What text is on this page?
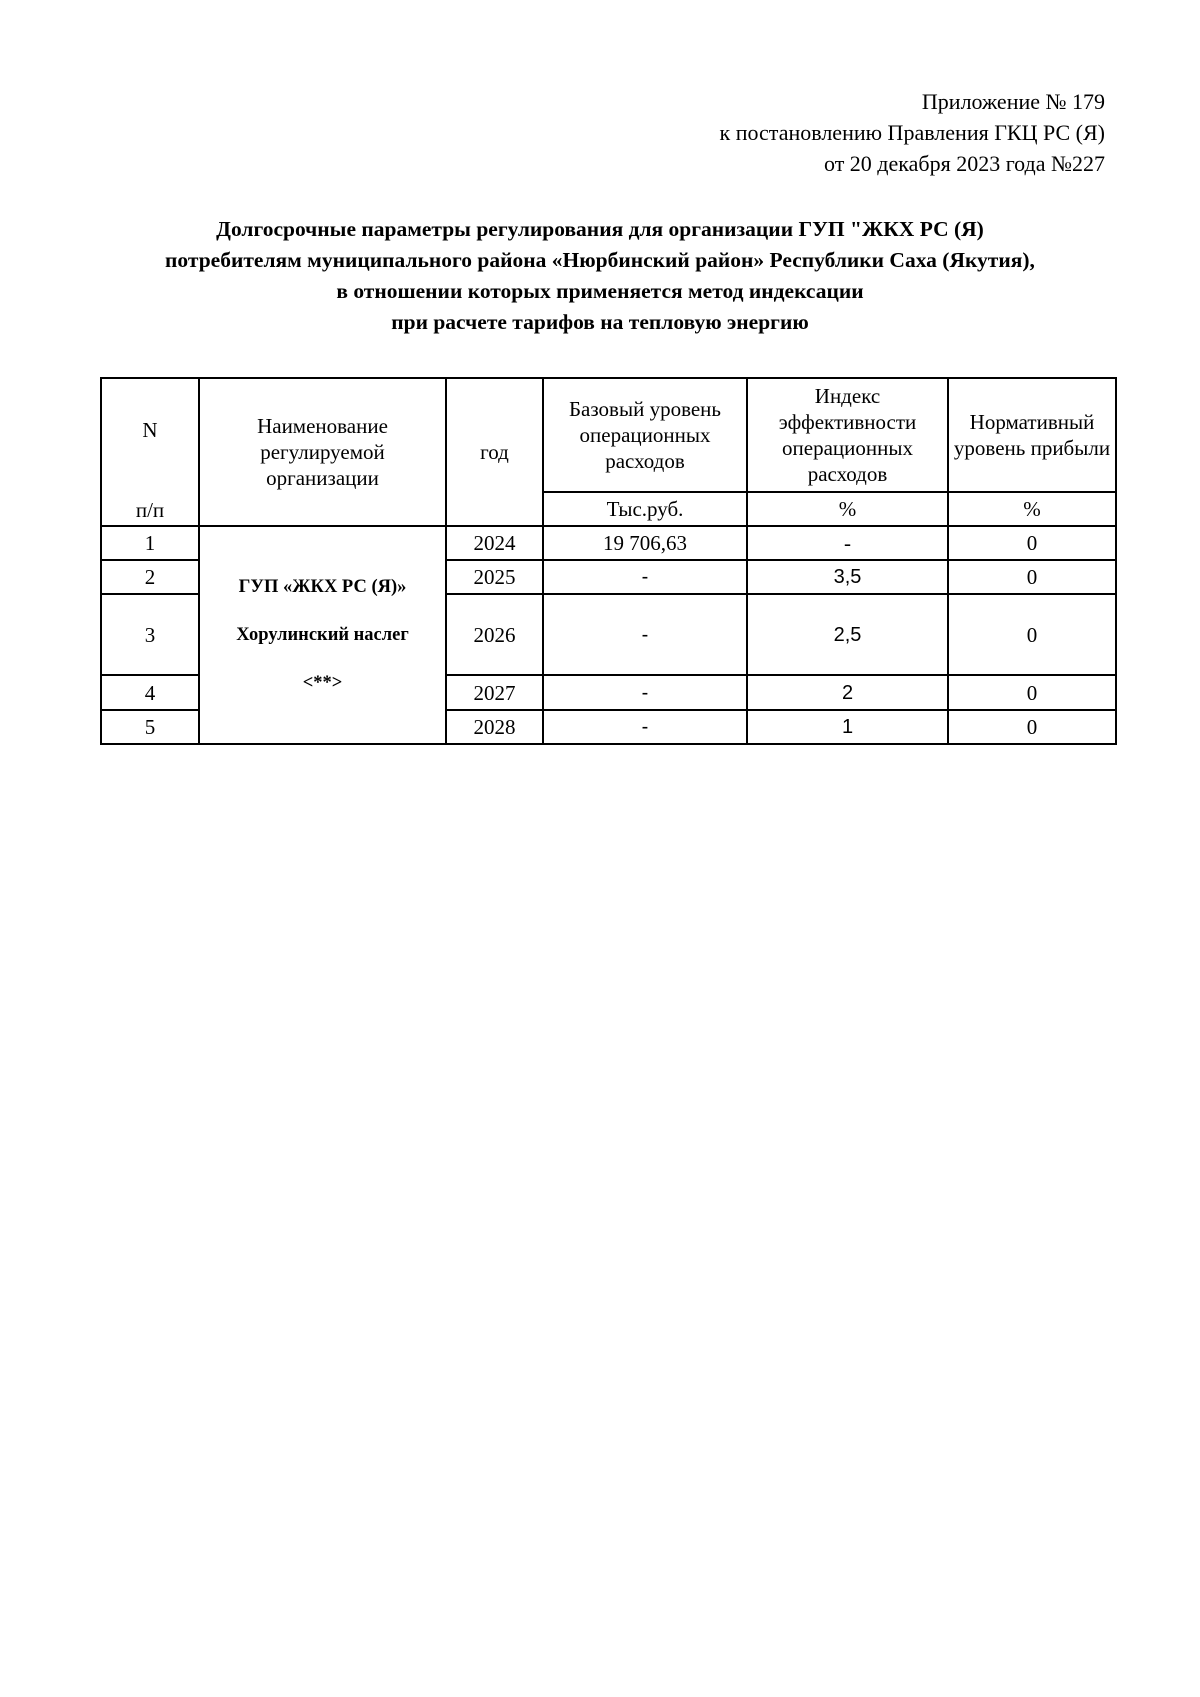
Приложение № 179
к постановлению Правления ГКЦ РС (Я)
от 20 декабря 2023 года №227
Долгосрочные параметры регулирования для организации ГУП "ЖКХ РС (Я)
потребителям муниципального района «Нюрбинский район» Республики Саха (Якутия),
в отношении которых применяется метод индексации
при расчете тарифов на тепловую энергию
N	Наименование регулируемой организации	год	Базовый уровень операционных расходов	Индекс эффективности операционных расходов	Нормативный уровень прибыли
п/п			Тыс.руб.	%	%
1	ГУП «ЖКХ РС (Я)»
Хорулинский наслег
<**>	2024	19 706,63	-	0
2		2025	-	3,5	0
3		2026	-	2,5	0
4		2027	-	2	0
5		2028	-	1	0
